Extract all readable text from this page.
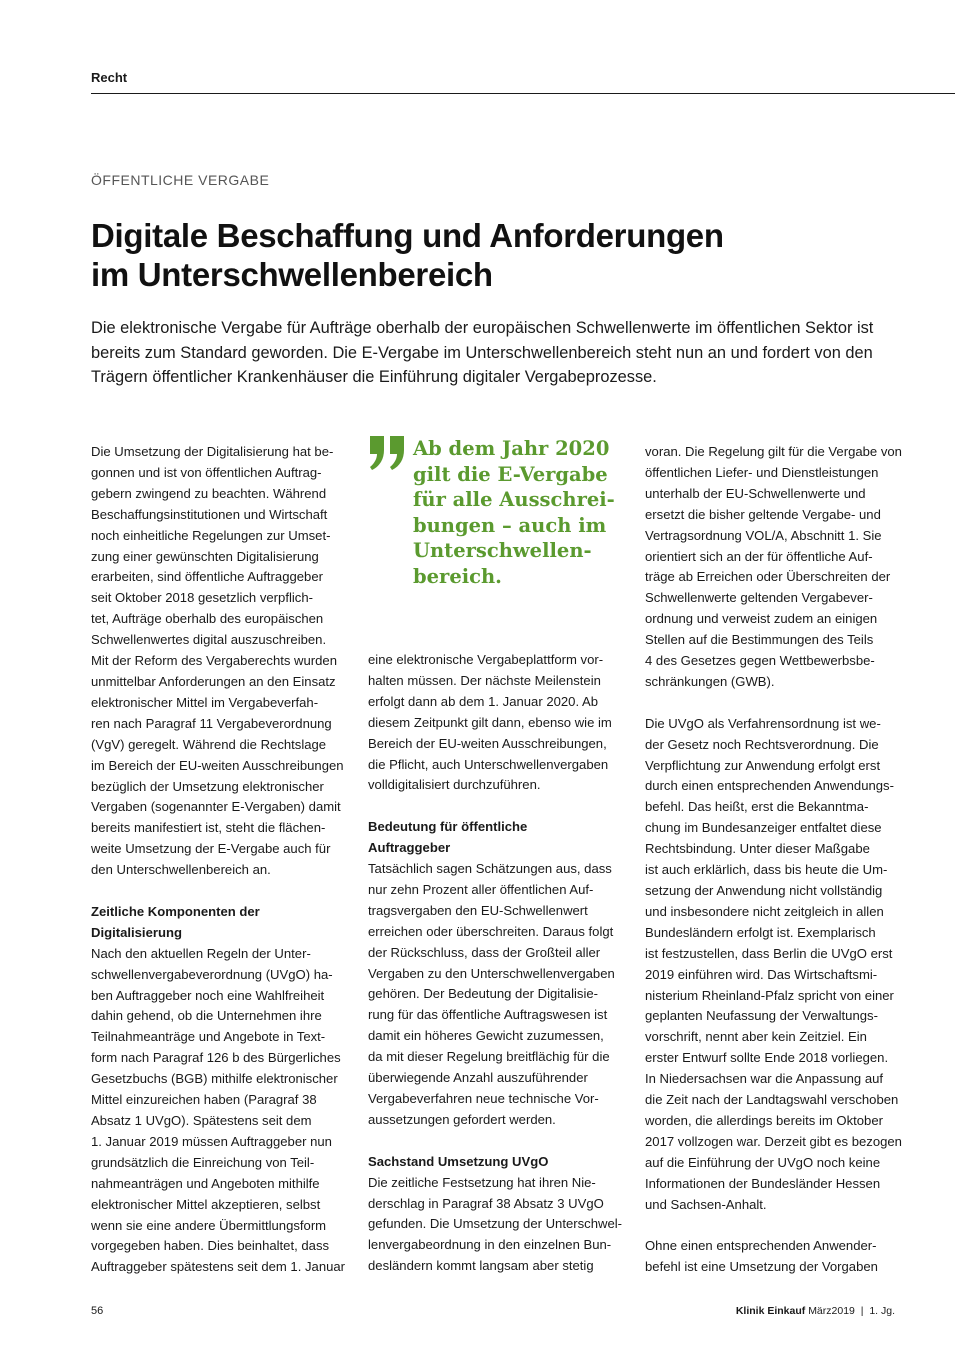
Recht
ÖFFENTLICHE VERGABE
Digitale Beschaffung und Anforderungen
im Unterschwellenbereich

Die elektronische Vergabe für Aufträge oberhalb der europäischen Schwellenwerte im öffentlichen Sektor ist bereits zum Standard geworden. Die E-Vergabe im Unterschwellenbereich steht nun an und fordert von den Trägern öffentlicher Krankenhäuser die Einführung digitaler Vergabeprozesse.

Die Umsetzung der Digitalisierung hat be-
gonnen und ist von öffentlichen Auftrag-
gebern zwingend zu beachten. Während
Beschaffungsinstitutionen und Wirtschaft
noch einheitliche Regelungen zur Umset-
zung einer gewünschten Digitalisierung
erarbeiten, sind öffentliche Auftraggeber
seit Oktober 2018 gesetzlich verpflich-
tet, Aufträge oberhalb des europäischen
Schwellenwertes digital auszuschreiben.
Mit der Reform des Vergaberechts wurden
unmittelbar Anforderungen an den Einsatz
elektronischer Mittel im Vergabeverfah-
ren nach Paragraf 11 Vergabeverordnung
(VgV) geregelt. Während die Rechtslage
im Bereich der EU-weiten Ausschreibungen
bezüglich der Umsetzung elektronischer
Vergaben (sogenannter E-Vergaben) damit
bereits manifestiert ist, steht die flächen-
weite Umsetzung der E-Vergabe auch für
den Unterschwellenbereich an.

Zeitliche Komponenten der
Digitalisierung

Nach den aktuellen Regeln der Unter-
schwellenvergabeverordnung (UVgO) ha-
ben Auftraggeber noch eine Wahlfreiheit
dahin gehend, ob die Unternehmen ihre
Teilnahmeanträge und Angebote in Text-
form nach Paragraf 126 b des Bürgerliches
Gesetzbuchs (BGB) mithilfe elektronischer
Mittel einzureichen haben (Paragraf 38
Absatz 1 UVgO). Spätestens seit dem
1. Januar 2019 müssen Auftraggeber nun
grundsätzlich die Einreichung von Teil-
nahmeanträgen und Angeboten mithilfe
elektronischer Mittel akzeptieren, selbst
wenn sie eine andere Übermittlungsform
vorgegeben haben. Dies beinhaltet, dass
Auftraggeber spätestens seit dem 1. Januar

Ab dem Jahr 2020
gilt die E-Vergabe
für alle Ausschrei-
bungen – auch im
Unterschwellen-
bereich.

eine elektronische Vergabeplattform vor-
halten müssen. Der nächste Meilenstein
erfolgt dann ab dem 1. Januar 2020. Ab
diesem Zeitpunkt gilt dann, ebenso wie im
Bereich der EU-weiten Ausschreibungen,
die Pflicht, auch Unterschwellenvergaben
volldigitalisiert durchzuführen.

Bedeutung für öffentliche
Auftraggeber

Tatsächlich sagen Schätzungen aus, dass
nur zehn Prozent aller öffentlichen Auf-
tragsvergaben den EU-Schwellenwert
erreichen oder überschreiten. Daraus folgt
der Rückschluss, dass der Großteil aller
Vergaben zu den Unterschwellenvergaben
gehören. Der Bedeutung der Digitalisie-
rung für das öffentliche Auftragswesen ist
damit ein höheres Gewicht zuzumessen,
da mit dieser Regelung breitflächig für die
überwiegende Anzahl auszuführender
Vergabeverfahren neue technische Vor-
aussetzungen gefordert werden.

Sachstand Umsetzung UVgO

Die zeitliche Festsetzung hat ihren Nie-
derschlag in Paragraf 38 Absatz 3 UVgO
gefunden. Die Umsetzung der Unterschwel-
lenvergabeordnung in den einzelnen Bun-
desländern kommt langsam aber stetig

voran. Die Regelung gilt für die Vergabe von
öffentlichen Liefer- und Dienstleistungen
unterhalb der EU-Schwellenwerte und
ersetzt die bisher geltende Vergabe- und
Vertragsordnung VOL/A, Abschnitt 1. Sie
orientiert sich an der für öffentliche Auf-
träge ab Erreichen oder Überschreiten der
Schwellenwerte geltenden Vergabever-
ordnung und verweist zudem an einigen
Stellen auf die Bestimmungen des Teils
4 des Gesetzes gegen Wettbewerbsbe-
schränkungen (GWB).

Die UVgO als Verfahrensordnung ist we-
der Gesetz noch Rechtsverordnung. Die
Verpflichtung zur Anwendung erfolgt erst
durch einen entsprechenden Anwendungs-
befehl. Das heißt, erst die Bekanntma-
chung im Bundesanzeiger entfaltet diese
Rechtsbindung. Unter dieser Maßgabe
ist auch erklärlich, dass bis heute die Um-
setzung der Anwendung nicht vollständig
und insbesondere nicht zeitgleich in allen
Bundesländern erfolgt ist. Exemplarisch
ist festzustellen, dass Berlin die UVgO erst
2019 einführen wird. Das Wirtschaftsmi-
nisterium Rheinland-Pfalz spricht von einer
geplanten Neufassung der Verwaltungs-
vorschrift, nennt aber kein Zeitziel. Ein
erster Entwurf sollte Ende 2018 vorliegen.
In Niedersachsen war die Anpassung auf
die Zeit nach der Landtagswahl verschoben
worden, die allerdings bereits im Oktober
2017 vollzogen war. Derzeit gibt es bezogen
auf die Einführung der UVgO noch keine
Informationen der Bundesländer Hessen
und Sachsen-Anhalt.

Ohne einen entsprechenden Anwender-
befehl ist eine Umsetzung der Vorgaben

56	Klinik Einkauf März2019 | 1. Jg.
